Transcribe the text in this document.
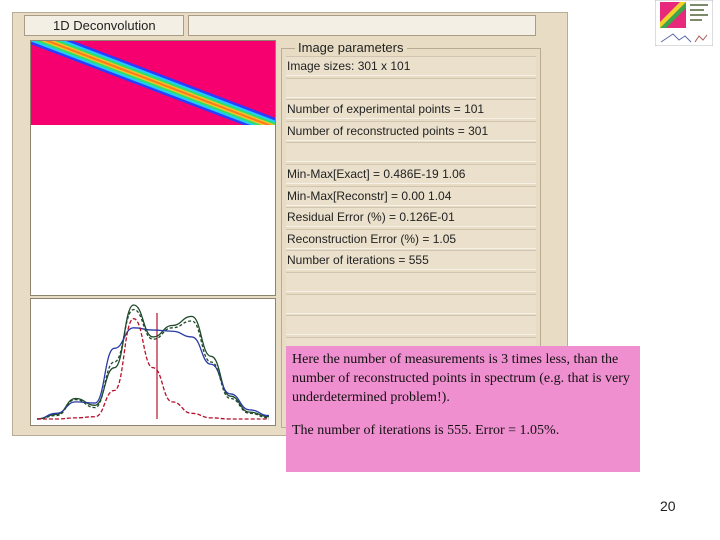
1D Deconvolution
Image parameters
Image sizes: 301 x 101
Number of experimental points = 101
Number of reconstructed points = 301
Min-Max[Exact] = 0.486E-19 1.06
Min-Max[Reconstr] = 0.00 1.04
Residual Error (%) = 0.126E-01
Reconstruction Error (%) = 1.05
Number of iterations = 555

Here the number of measurements is 3 times less, than the number of reconstructed points in spectrum (e.g. that is very underdetermined problem!).

The number of iterations is 555. Error = 1.05%.

20
